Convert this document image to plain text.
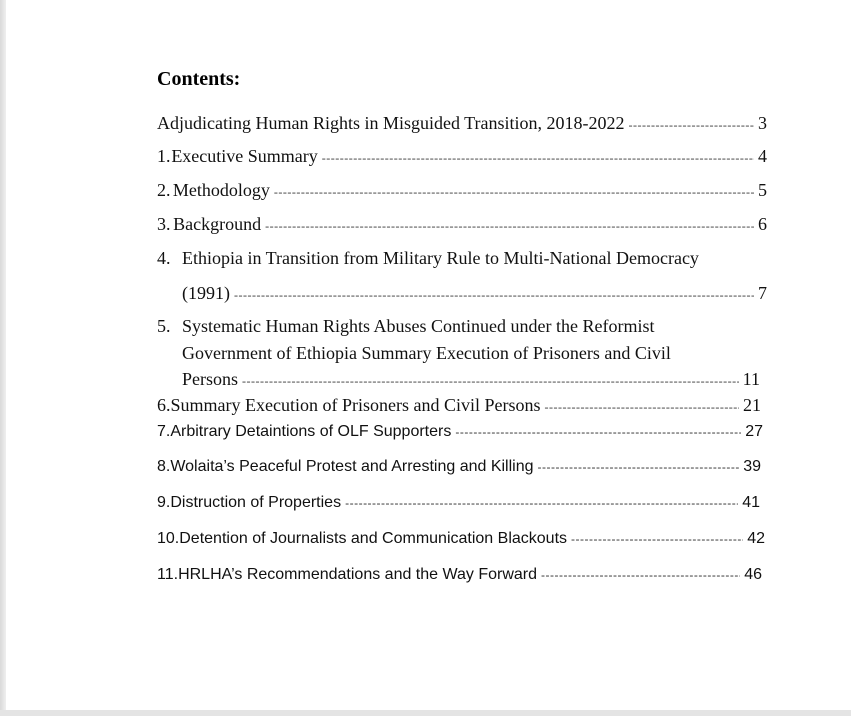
Contents:
Adjudicating Human Rights in Misguided Transition, 2018-2022 -----	3
1. Executive Summary -----	4
2. Methodology -----	5
3. Background -----	6
4. Ethiopia in Transition from Military Rule to Multi-National Democracy
(1991) -----	7
5. Systematic Human Rights Abuses Continued under the Reformist
Government of Ethiopia Summary Execution of Prisoners and Civil
Persons -----	11
6. Summary Execution of Prisoners and Civil Persons -----	21
7. Arbitrary Detaintions of OLF Supporters -----	27
8. Wolaita’s Peaceful Protest and Arresting and Killing -----	39
9. Distruction of Properties -----	41
10. Detention of Journalists and Communication Blackouts -----	42
11. HRLHA’s Recommendations and the Way Forward -----	46
